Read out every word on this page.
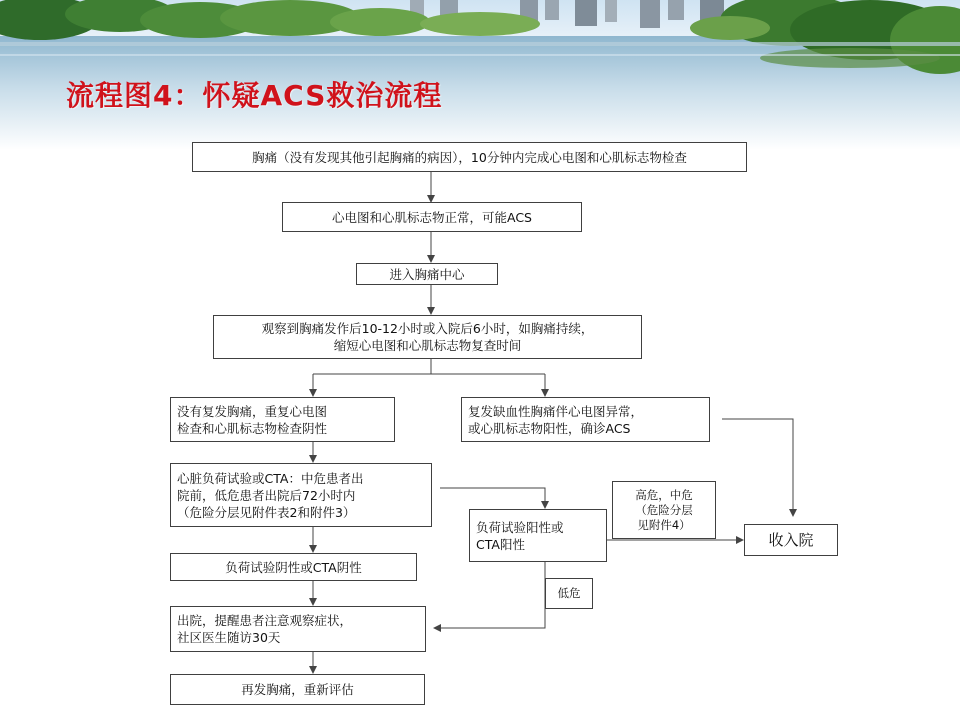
流程图4：怀疑ACS救治流程
胸痛（没有发现其他引起胸痛的病因），10分钟内完成心电图和心肌标志物检查
心电图和心肌标志物正常，可能ACS
进入胸痛中心
观察到胸痛发作后10-12小时或入院后6小时，如胸痛持续，
缩短心电图和心肌标志物复查时间
没有复发胸痛，重复心电图
检查和心肌标志物检查阴性
复发缺血性胸痛伴心电图异常，
或心肌标志物阳性，确诊ACS
心脏负荷试验或CTA：中危患者出
院前，低危患者出院后72小时内
（危险分层见附件表2和附件3）
负荷试验阳性或
CTA阳性
负荷试验阴性或CTA阴性
低危
高危，中危
（危险分层
见附件4）
收入院
出院，提醒患者注意观察症状，
社区医生随访30天
再发胸痛，重新评估
